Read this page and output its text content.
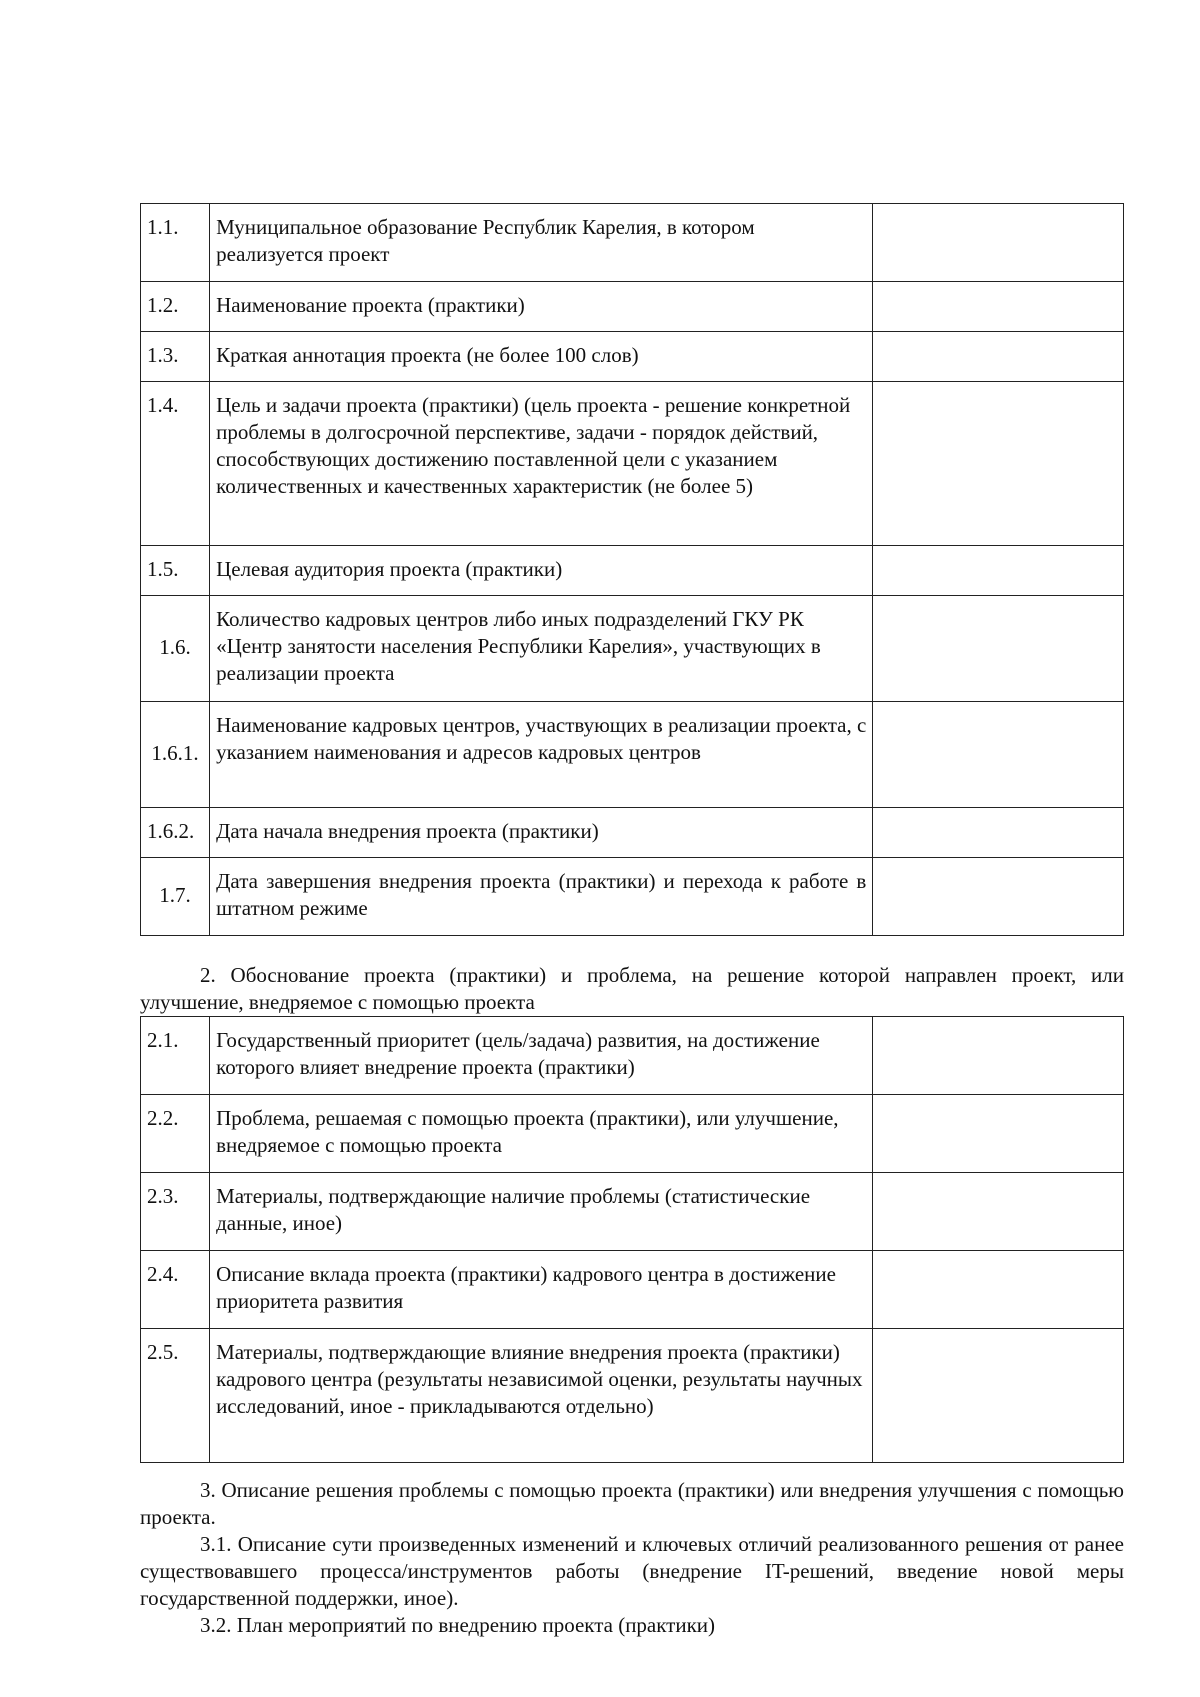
1.1.	Муниципальное образование Республик Карелия, в котором реализуется проект	
1.2.	Наименование проекта (практики)	
1.3.	Краткая аннотация проекта (не более 100 слов)	
1.4.	Цель и задачи проекта (практики) (цель проекта - решение конкретной проблемы в долгосрочной перспективе, задачи - порядок действий, способствующих достижению поставленной цели с указанием количественных и качественных характеристик (не более 5)	
1.5.	Целевая аудитория проекта (практики)	
1.6.	Количество кадровых центров либо иных подразделений ГКУ РК «Центр занятости населения Республики Карелия», участвующих в реализации проекта	
1.6.1.	Наименование кадровых центров, участвующих в реализации проекта, с указанием наименования и адресов кадровых центров	
1.6.2.	Дата начала внедрения проекта (практики)	
1.7.	Дата завершения внедрения проекта (практики) и перехода к работе в штатном режиме	

2. Обоснование проекта (практики) и проблема, на решение которой направлен проект, или улучшение, внедряемое с помощью проекта

2.1.	Государственный приоритет (цель/задача) развития, на достижение которого влияет внедрение проекта (практики)	
2.2.	Проблема, решаемая с помощью проекта (практики), или улучшение, внедряемое с помощью проекта	
2.3.	Материалы, подтверждающие наличие проблемы (статистические данные, иное)	
2.4.	Описание вклада проекта (практики) кадрового центра в достижение приоритета развития	
2.5.	Материалы, подтверждающие влияние внедрения проекта (практики) кадрового центра (результаты независимой оценки, результаты научных исследований, иное - прикладываются отдельно)	

3. Описание решения проблемы с помощью проекта (практики) или внедрения улучшения с помощью проекта.

3.1. Описание сути произведенных изменений и ключевых отличий реализованного решения от ранее существовавшего процесса/инструментов работы (внедрение IT-решений, введение новой меры государственной поддержки, иное).

3.2. План мероприятий по внедрению проекта (практики)
